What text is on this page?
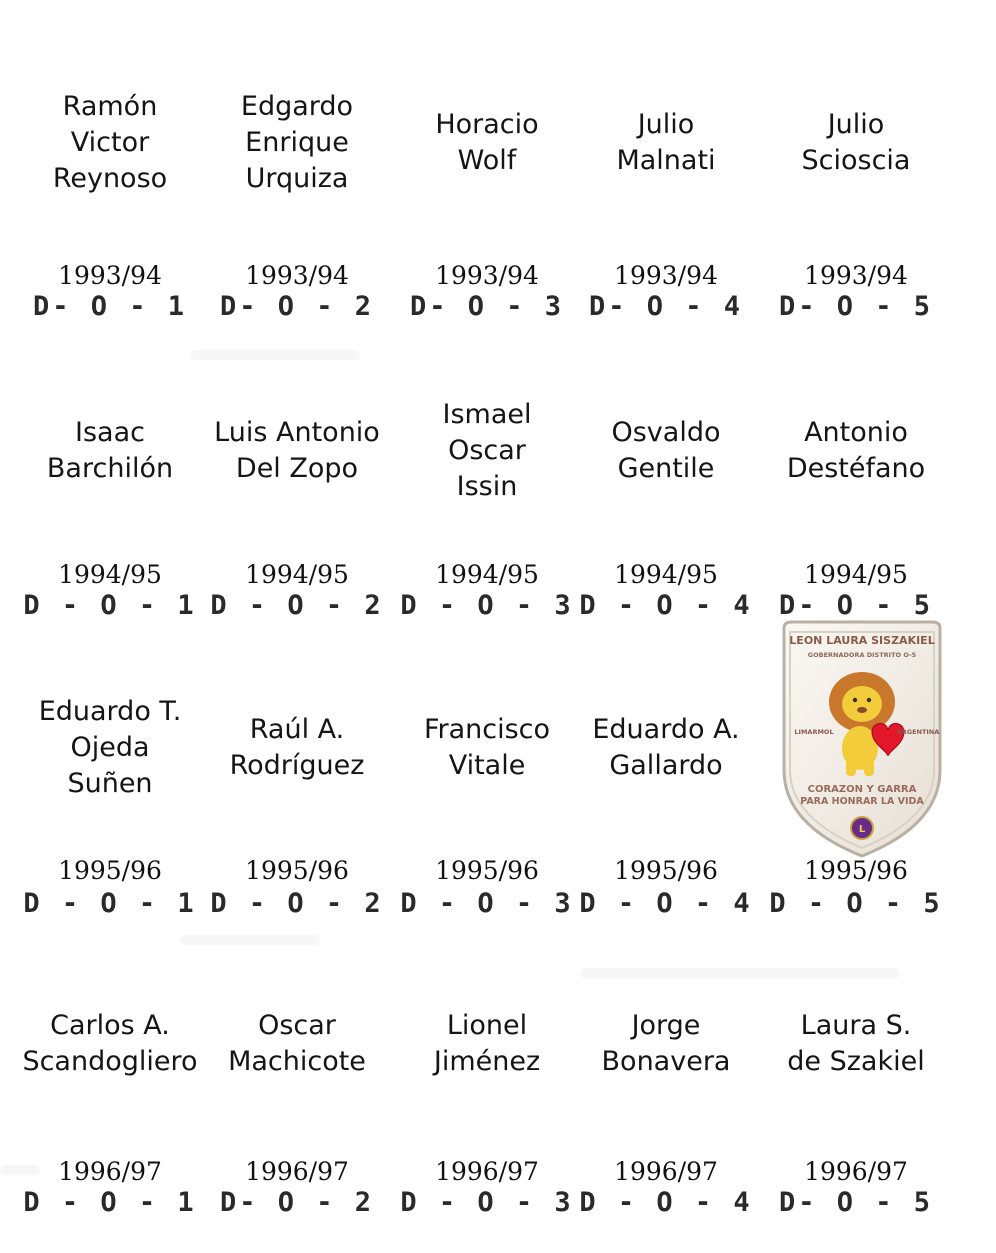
Ramón
Victor
Reynoso
Edgardo
Enrique
Urquiza
Horacio
Wolf
Julio
Malnati
Julio
Scioscia
1993/94
D- O - 1
1993/94
D- O - 2
1993/94
D- O - 3
1993/94
D- O - 4
1993/94
D- O - 5
Isaac
Barchilón
Luis Antonio
Del Zopo
Ismael
Oscar
Issin
Osvaldo
Gentile
Antonio
Destéfano
1994/95
D - O - 1
1994/95
D - O - 2
1994/95
D - O - 3
1994/95
D - O - 4
1994/95
D- O - 5
Eduardo T.
Ojeda
Suñen
Raúl A.
Rodríguez
Francisco
Vitale
Eduardo A.
Gallardo
1995/96
D - O - 1
1995/96
D - O - 2
1995/96
D - O - 3
1995/96
D - O - 4
1995/96
D - O - 5
Carlos A.
Scandogliero
Oscar
Machicote
Lionel
Jiménez
Jorge
Bonavera
Laura S.
de Szakiel
1996/97
D - O - 1
1996/97
D- O - 2
1996/97
D - O - 3
1996/97
D - O - 4
1996/97
D- O - 5
LEON LAURA SISZAKIEL
GOBERNADORA DISTRITO O-5
LIMARMOL	ARGENTINA
CORAZON Y GARRA
PARA HONRAR LA VIDA
L
